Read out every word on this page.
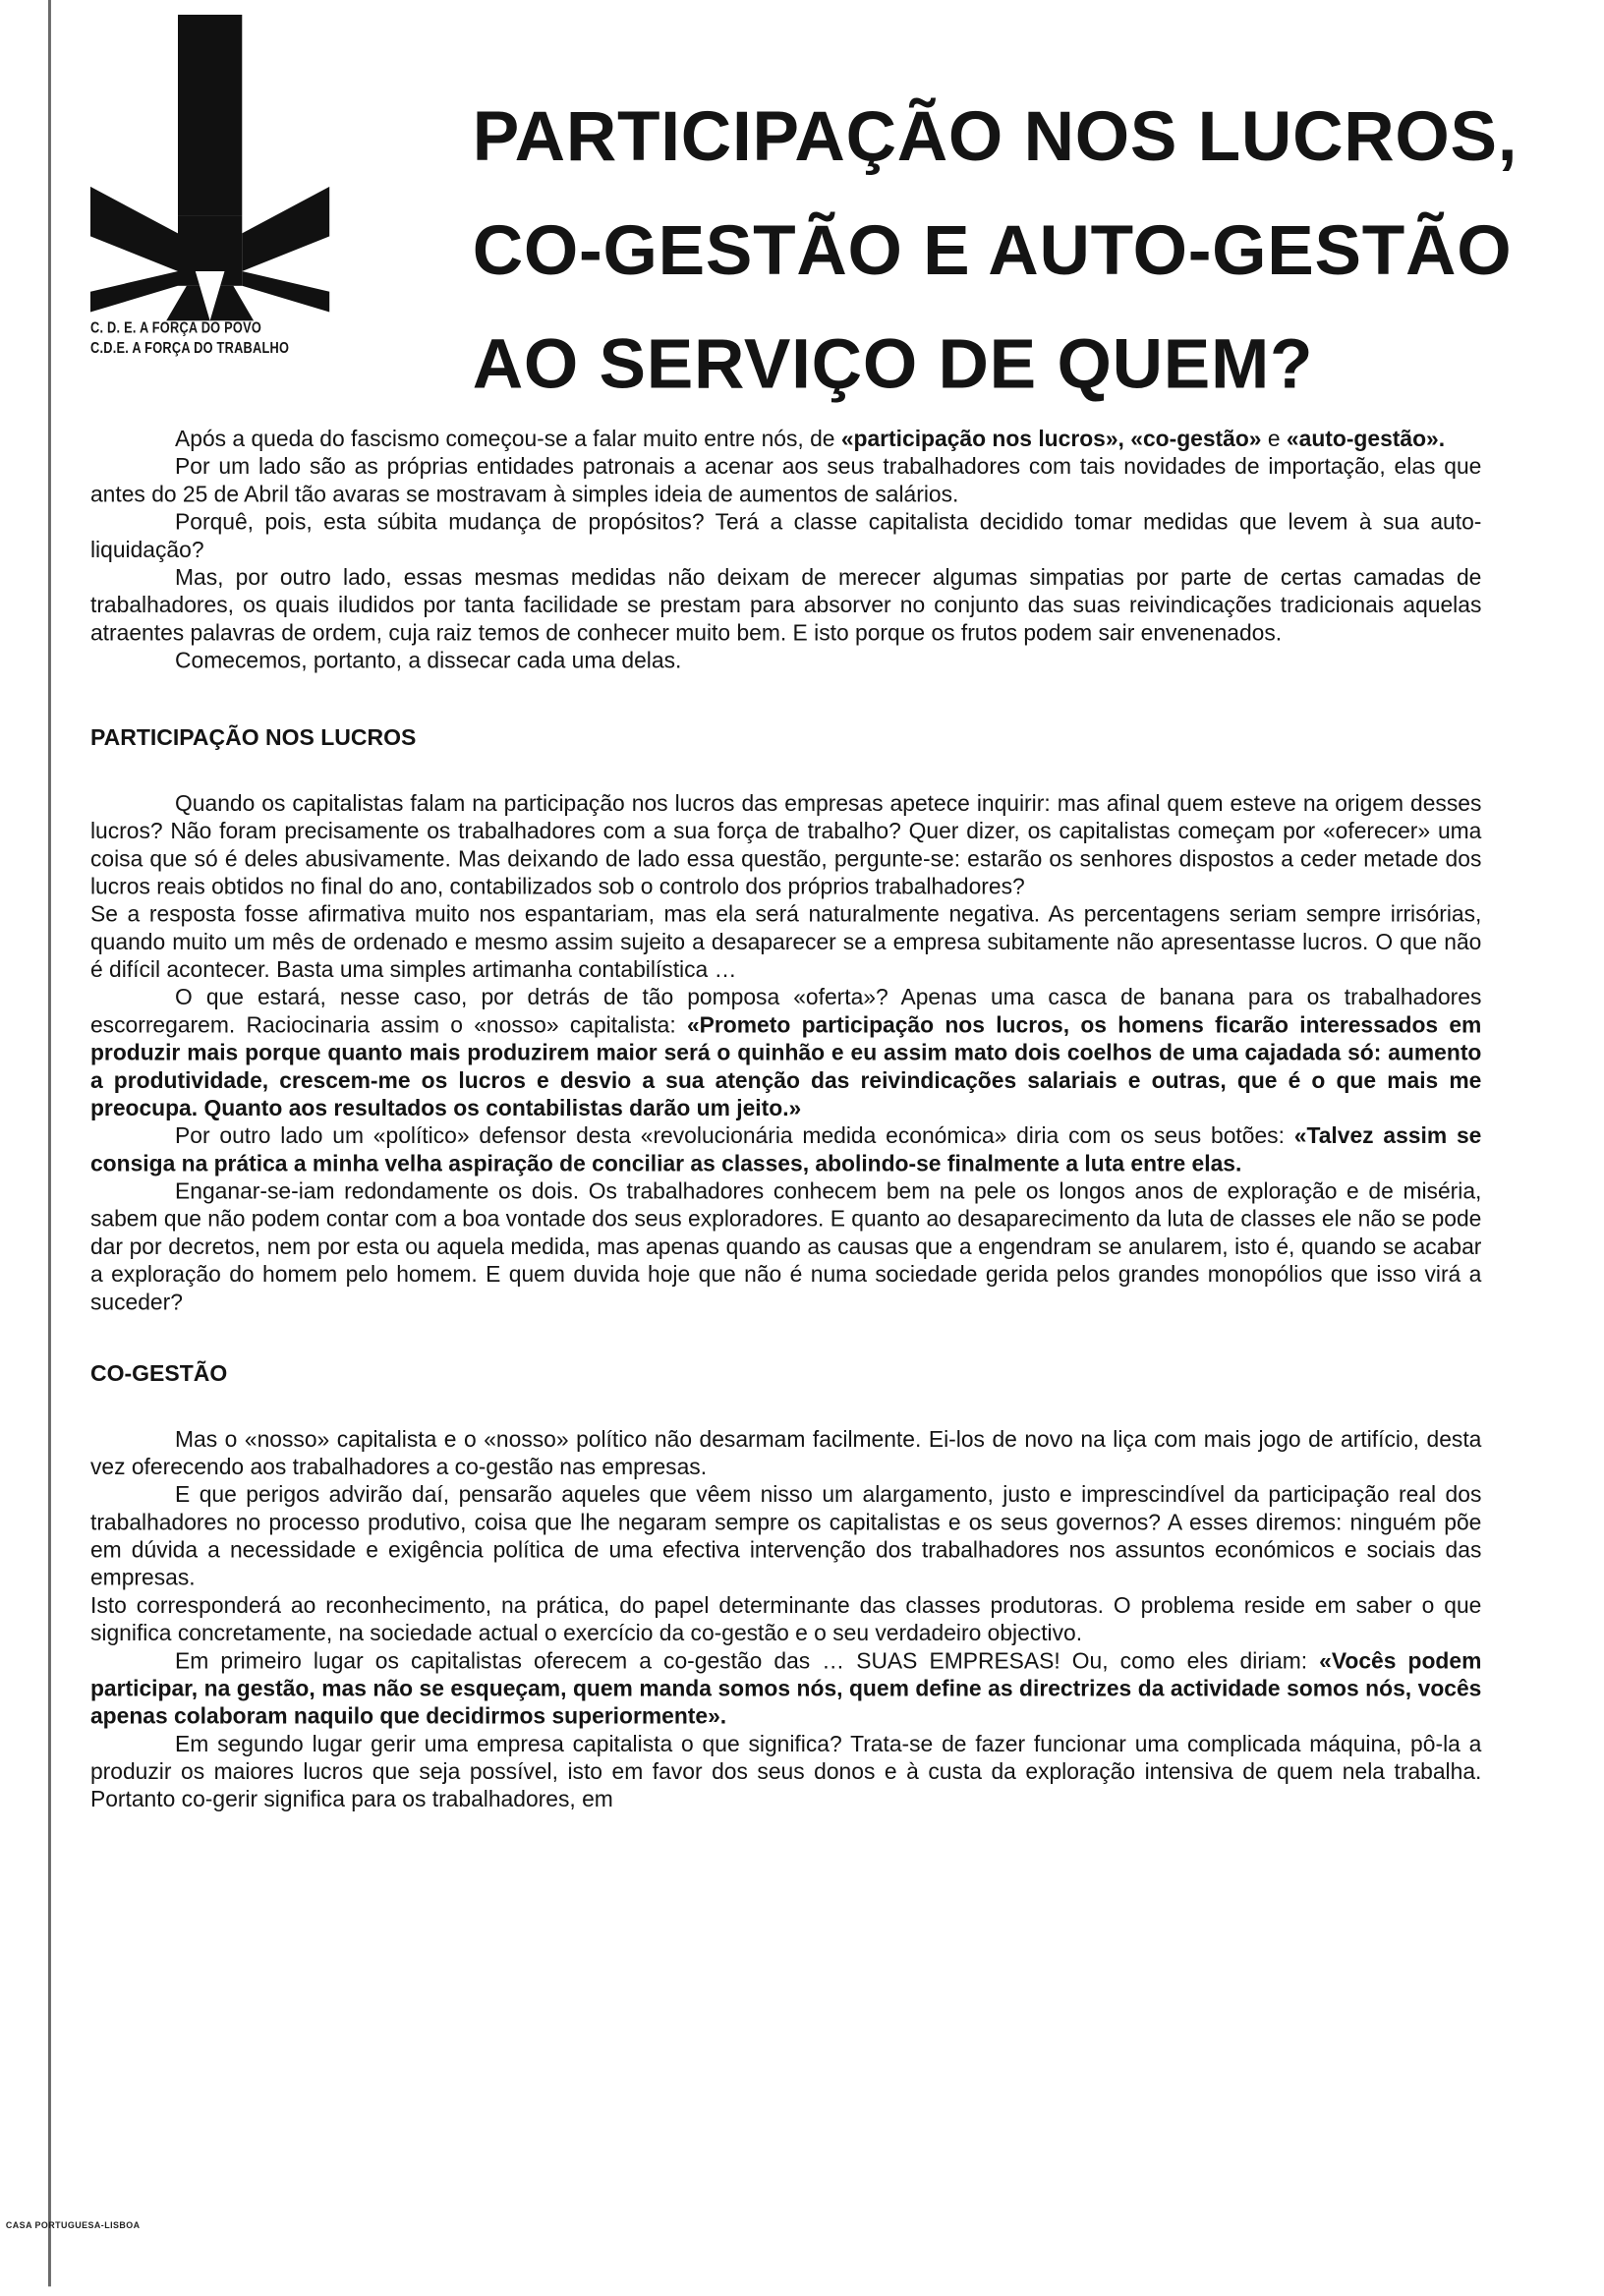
C. D. E. A FORÇA DO POVO
C.D.E. A FORÇA DO TRABALHO
PARTICIPAÇÃO NOS LUCROS,
CO-GESTÃO E AUTO-GESTÃO
AO SERVIÇO DE QUEM?

Após a queda do fascismo começou-se a falar muito entre nós, de «participação nos lucros», «co-gestão» e «auto-gestão».

Por um lado são as próprias entidades patronais a acenar aos seus trabalhadores com tais novidades de importação, elas que antes do 25 de Abril tão avaras se mostravam à simples ideia de aumentos de salários.

Porquê, pois, esta súbita mudança de propósitos? Terá a classe capitalista decidido tomar medidas que levem à sua auto-liquidação?

Mas, por outro lado, essas mesmas medidas não deixam de merecer algumas simpatias por parte de certas camadas de trabalhadores, os quais iludidos por tanta facilidade se prestam para absorver no conjunto das suas reivindicações tradicionais aquelas atraentes palavras de ordem, cuja raiz temos de conhecer muito bem. E isto porque os frutos podem sair envenenados.

Comecemos, portanto, a dissecar cada uma delas.

PARTICIPAÇÃO NOS LUCROS

Quando os capitalistas falam na participação nos lucros das empresas apetece inquirir: mas afinal quem esteve na origem desses lucros? Não foram precisamente os trabalhadores com a sua força de trabalho? Quer dizer, os capitalistas começam por «oferecer» uma coisa que só é deles abusivamente. Mas deixando de lado essa questão, pergunte-se: estarão os senhores dispostos a ceder metade dos lucros reais obtidos no final do ano, contabilizados sob o controlo dos próprios trabalhadores?

Se a resposta fosse afirmativa muito nos espantariam, mas ela será naturalmente negativa. As percentagens seriam sempre irrisórias, quando muito um mês de ordenado e mesmo assim sujeito a desaparecer se a empresa subitamente não apresentasse lucros. O que não é difícil acontecer. Basta uma simples artimanha contabilística …

O que estará, nesse caso, por detrás de tão pomposa «oferta»? Apenas uma casca de banana para os trabalhadores escorregarem. Raciocinaria assim o «nosso» capitalista: «Prometo participação nos lucros, os homens ficarão interessados em produzir mais porque quanto mais produzirem maior será o quinhão e eu assim mato dois coelhos de uma cajadada só: aumento a produtividade, crescem-me os lucros e desvio a sua atenção das reivindicações salariais e outras, que é o que mais me preocupa. Quanto aos resultados os contabilistas darão um jeito.»

Por outro lado um «político» defensor desta «revolucionária medida económica» diria com os seus botões: «Talvez assim se consiga na prática a minha velha aspiração de conciliar as classes, abolindo-se finalmente a luta entre elas.

Enganar-se-iam redondamente os dois. Os trabalhadores conhecem bem na pele os longos anos de exploração e de miséria, sabem que não podem contar com a boa vontade dos seus exploradores. E quanto ao desaparecimento da luta de classes ele não se pode dar por decretos, nem por esta ou aquela medida, mas apenas quando as causas que a engendram se anularem, isto é, quando se acabar a exploração do homem pelo homem. E quem duvida hoje que não é numa sociedade gerida pelos grandes monopólios que isso virá a suceder?

CO-GESTÃO

Mas o «nosso» capitalista e o «nosso» político não desarmam facilmente. Ei-los de novo na liça com mais jogo de artifício, desta vez oferecendo aos trabalhadores a co-gestão nas empresas.

E que perigos advirão daí, pensarão aqueles que vêem nisso um alargamento, justo e imprescindível da participação real dos trabalhadores no processo produtivo, coisa que lhe negaram sempre os capitalistas e os seus governos? A esses diremos: ninguém põe em dúvida a necessidade e exigência política de uma efectiva intervenção dos trabalhadores nos assuntos económicos e sociais das empresas.

Isto corresponderá ao reconhecimento, na prática, do papel determinante das classes produtoras. O problema reside em saber o que significa concretamente, na sociedade actual o exercício da co-gestão e o seu verdadeiro objectivo.

Em primeiro lugar os capitalistas oferecem a co-gestão das … SUAS EMPRESAS! Ou, como eles diriam: «Vocês podem participar, na gestão, mas não se esqueçam, quem manda somos nós, quem define as directrizes da actividade somos nós, vocês apenas colaboram naquilo que decidirmos superiormente».

Em segundo lugar gerir uma empresa capitalista o que significa? Trata-se de fazer funcionar uma complicada máquina, pô-la a produzir os maiores lucros que seja possível, isto em favor dos seus donos e à custa da exploração intensiva de quem nela trabalha. Portanto co-gerir significa para os trabalhadores, em

CASA PORTUGUESA-LISBOA
